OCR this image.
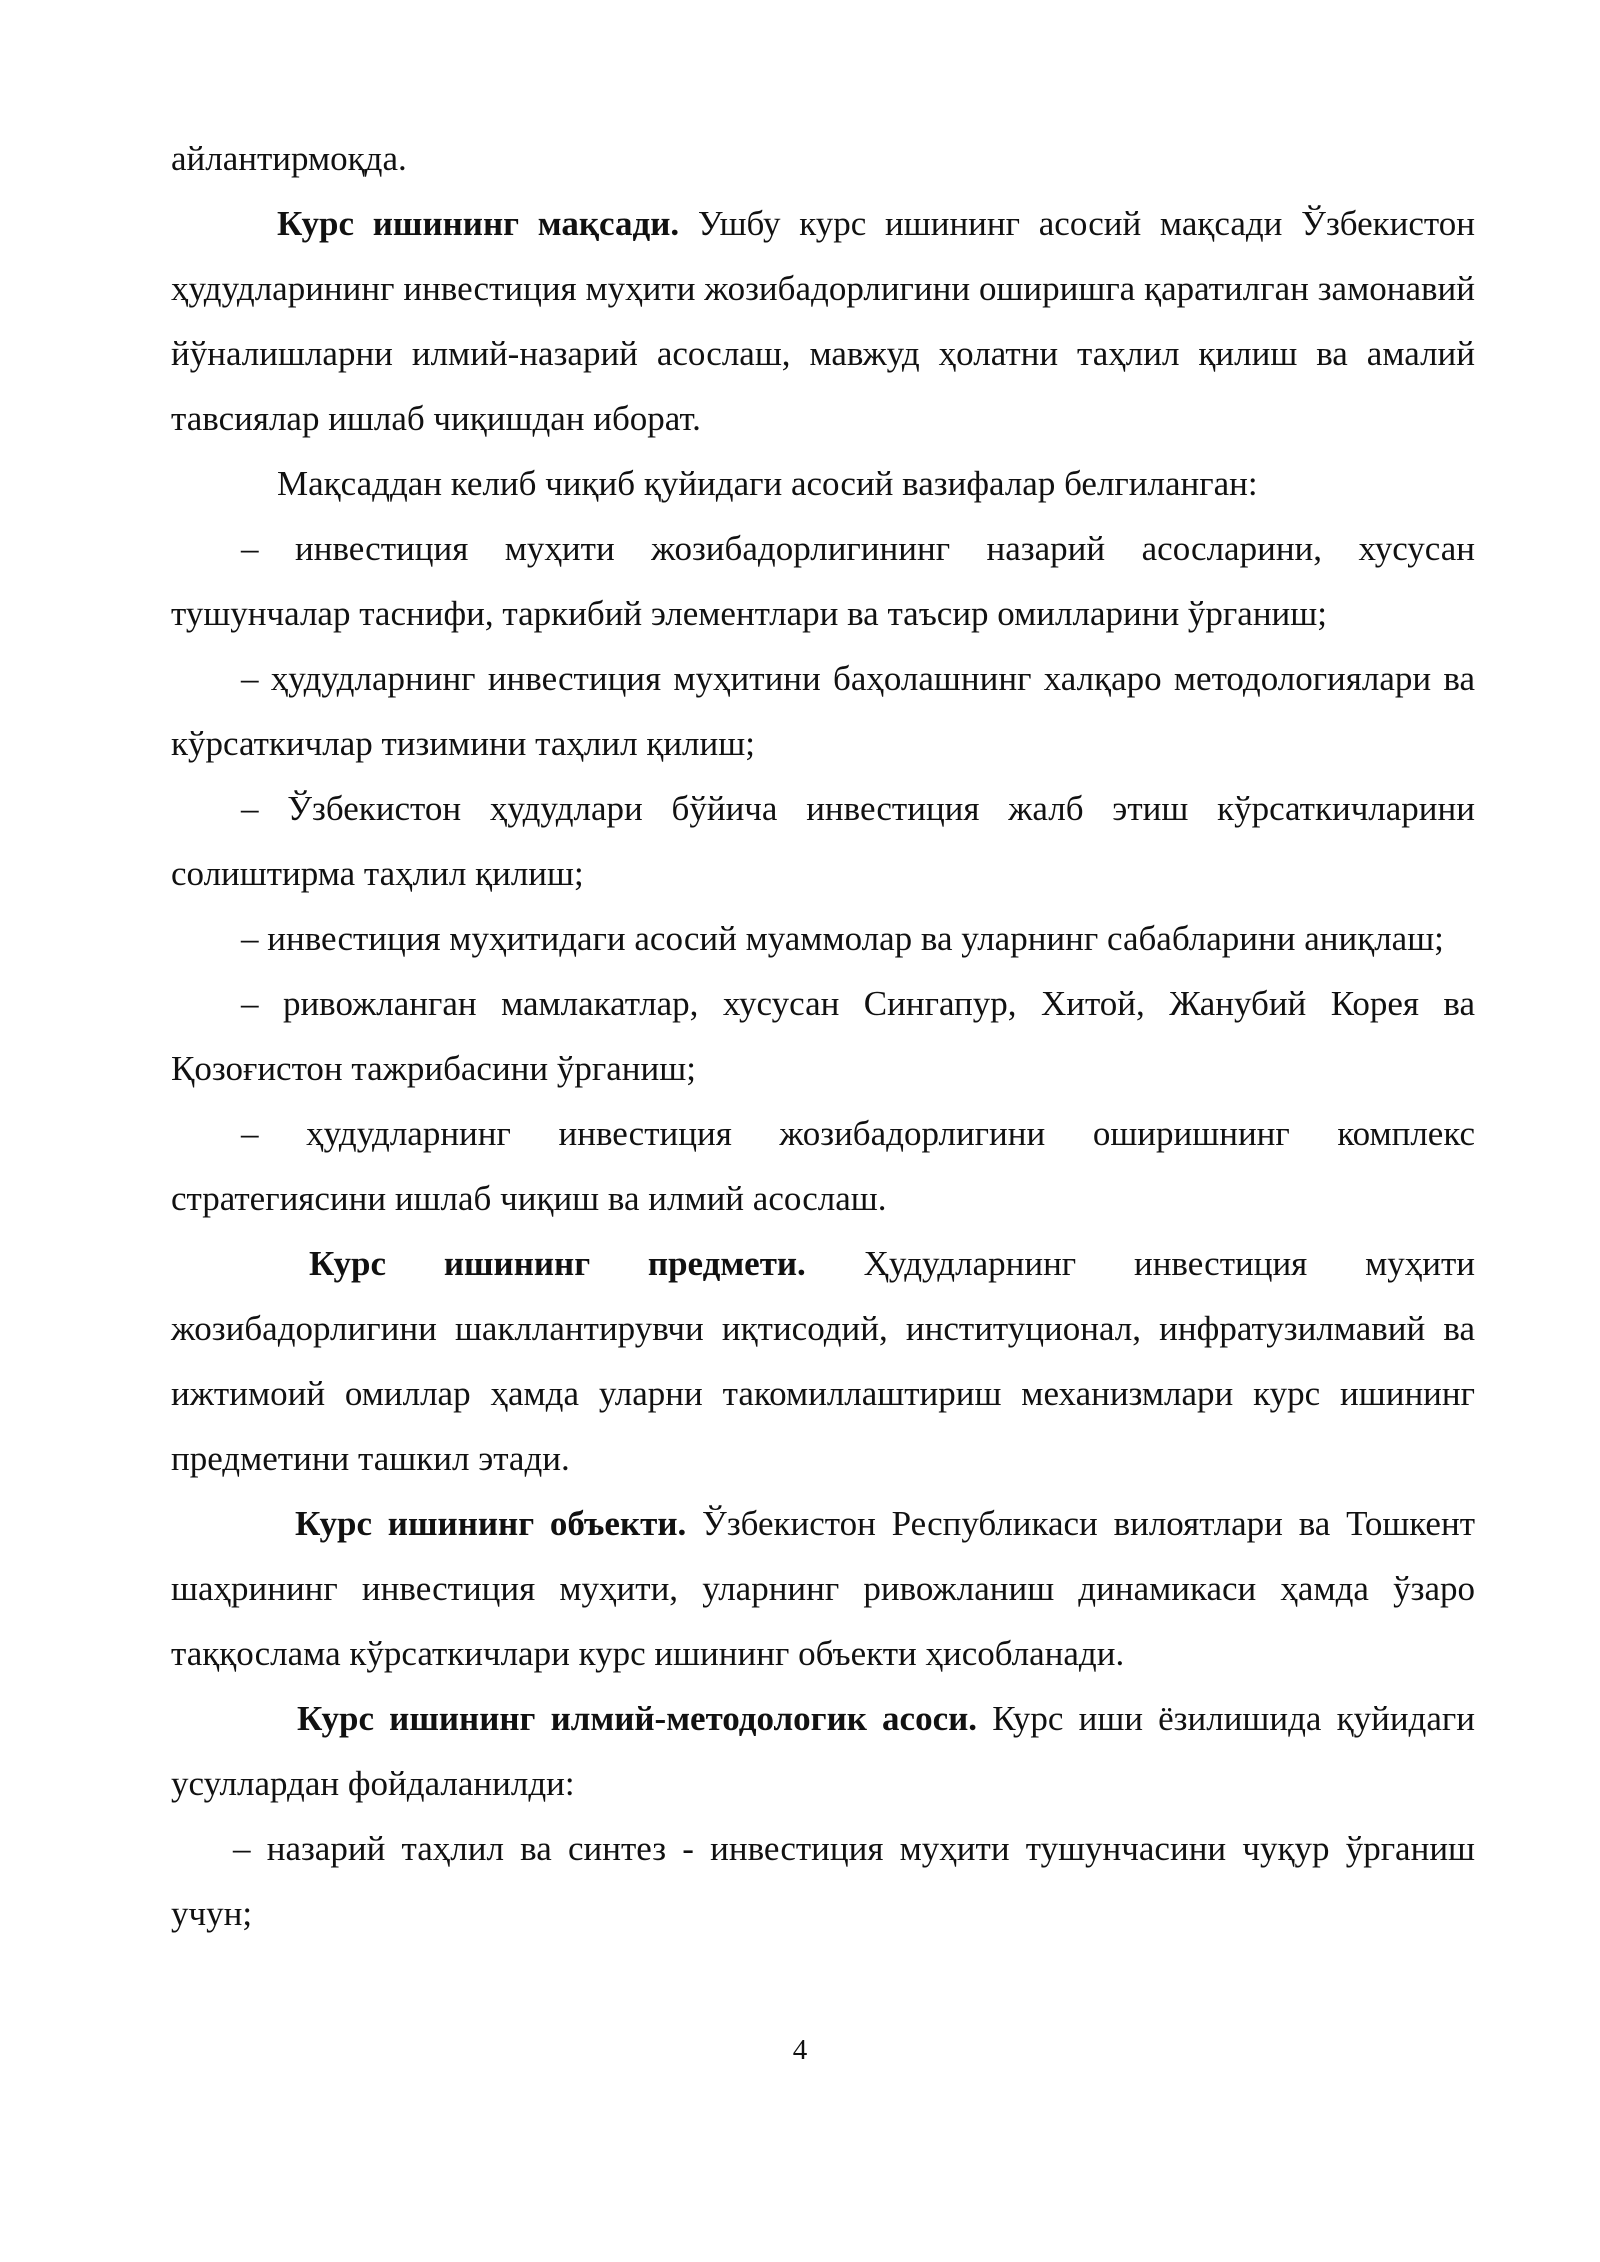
айлантирмоқда.

Курс ишининг мақсади. Ушбу курс ишининг асосий мақсади Ўзбекистон ҳудудларининг инвестиция муҳити жозибадорлигини оширишга қаратилган замонавий йўналишларни илмий-назарий асослаш, мавжуд ҳолатни таҳлил қилиш ва амалий тавсиялар ишлаб чиқишдан иборат.

Мақсаддан келиб чиқиб қуйидаги асосий вазифалар белгиланган:

– инвестиция муҳити жозибадорлигининг назарий асосларини, хусусан тушунчалар таснифи, таркибий элементлари ва таъсир омилларини ўрганиш;

– ҳудудларнинг инвестиция муҳитини баҳолашнинг халқаро методологиялари ва кўрсаткичлар тизимини таҳлил қилиш;

– Ўзбекистон ҳудудлари бўйича инвестиция жалб этиш кўрсаткичларини солиштирма таҳлил қилиш;

– инвестиция муҳитидаги асосий муаммолар ва уларнинг сабабларини аниқлаш;

– ривожланган мамлакатлар, хусусан Сингапур, Хитой, Жанубий Корея ва Қозоғистон тажрибасини ўрганиш;

– ҳудудларнинг инвестиция жозибадорлигини оширишнинг комплекс стратегиясини ишлаб чиқиш ва илмий асослаш.

Курс ишининг предмети. Ҳудудларнинг инвестиция муҳити жозибадорлигини шакллантирувчи иқтисодий, институционал, инфратузилмавий ва ижтимоий омиллар ҳамда уларни такомиллаштириш механизмлари курс ишининг предметини ташкил этади.

Курс ишининг объекти. Ўзбекистон Республикаси вилоятлари ва Тошкент шаҳрининг инвестиция муҳити, уларнинг ривожланиш динамикаси ҳамда ўзаро таққослама кўрсаткичлари курс ишининг объекти ҳисобланади.

Курс ишининг илмий-методологик асоси. Курс иши ёзилишида қуйидаги усуллардан фойдаланилди:

– назарий таҳлил ва синтез - инвестиция муҳити тушунчасини чуқур ўрганиш учун;

4
